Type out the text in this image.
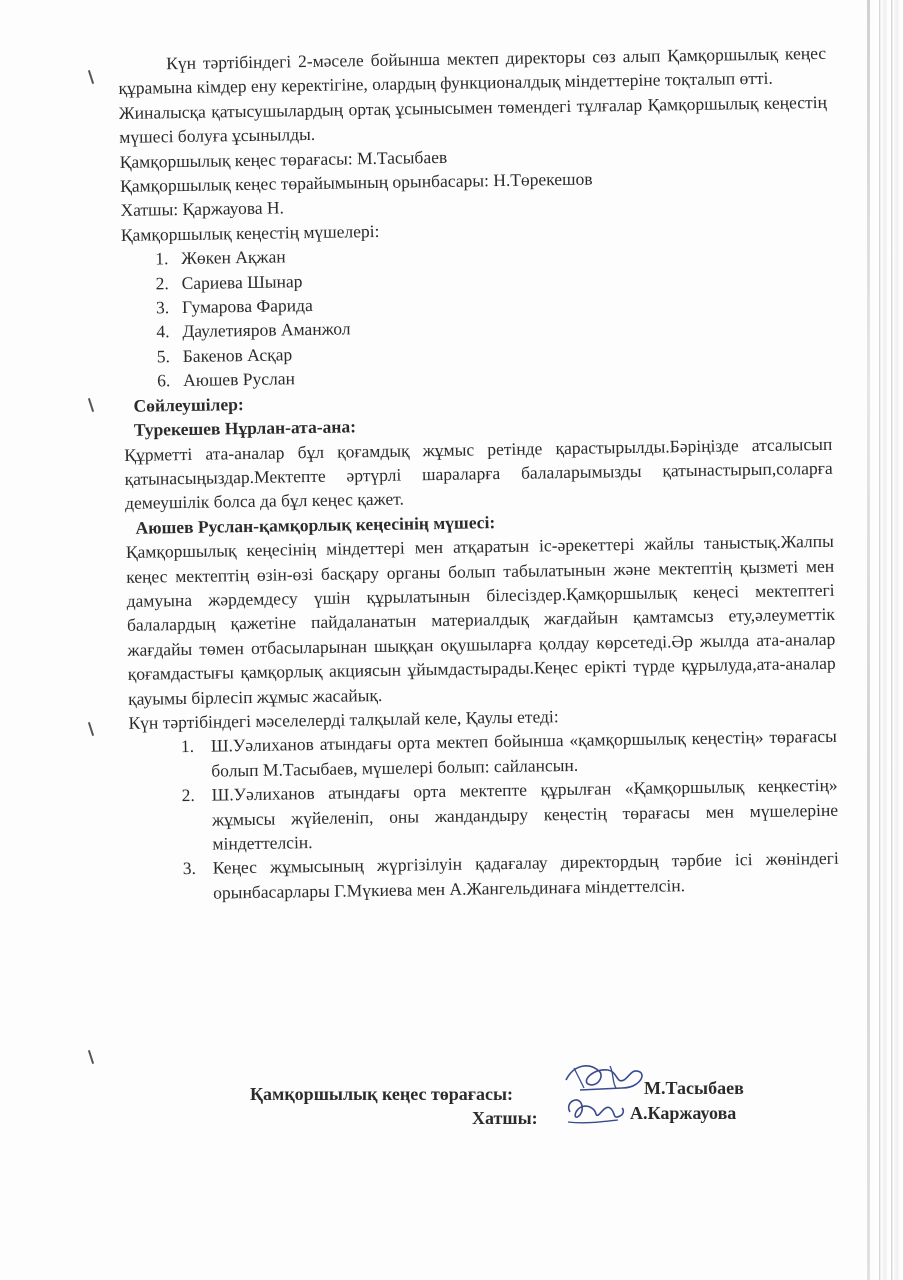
Күн тәртібіндегі 2-мәселе бойынша мектеп директоры сөз алып Қамқоршылық кеңес құрамына кімдер ену керектігіне, олардың функционалдық міндеттеріне тоқталып өтті.

Жиналысқа қатысушылардың ортақ ұсынысымен төмендегі тұлғалар Қамқоршылық кеңестің мүшесі болуға ұсынылды.

Қамқоршылық кеңес төрағасы: М.Тасыбаев

Қамқоршылық кеңес төрайымының орынбасары: Н.Төрекешов

Хатшы: Қаржауова Н.

Қамқоршылық кеңестің мүшелері:

1. Жөкен Ақжан
2. Сариева Шынар
3. Гумарова Фарида
4. Даулетияров Аманжол
5. Бакенов Асқар
6. Аюшев Руслан

Сөйлеушілер:

Турекешев Нұрлан-ата-ана:

Құрметті ата-аналар бұл қоғамдық жұмыс ретінде қарастырылды.Бәріңізде атсалысып қатынасыңыздар.Мектепте әртүрлі шараларға балаларымызды қатынастырып,соларға демеушілік болса да бұл кеңес қажет.

Аюшев Руслан-қамқорлық кеңесінің мүшесі:

Қамқоршылық кеңесінің міндеттері мен атқаратын іс-әрекеттері жайлы таныстық.Жалпы кеңес мектептің өзін-өзі басқару органы болып табылатынын және мектептің қызметі мен дамуына жәрдемдесу үшін құрылатынын білесіздер.Қамқоршылық кеңесі мектептегі балалардың қажетіне пайдаланатын материалдық жағдайын қамтамсыз ету,әлеуметтік жағдайы төмен отбасыларынан шыққан оқушыларға қолдау көрсетеді.Әр жылда ата-аналар қоғамдастығы қамқорлық акциясын ұйымдастырады.Кеңес ерікті түрде құрылуда,ата-аналар қауымы бірлесіп жұмыс жасайық.

Күн тәртібіндегі мәселелерді талқылай келе, Қаулы етеді:

1. Ш.Уәлиханов атындағы орта мектеп бойынша «қамқоршылық кеңестің» төрағасы болып М.Тасыбаев, мүшелері болып: сайлансын.
2. Ш.Уәлиханов атындағы орта мектепте құрылған «Қамқоршылық кеңкестің» жұмысы жүйеленіп, оны жандандыру кеңестің төрағасы мен мүшелеріне міндеттелсін.
3. Кеңес жұмысының жүргізілуін қадағалау директордың тәрбие ісі жөніндегі орынбасарлары Г.Мүкиева мен А.Жангельдинаға міндеттелсін.
Қамқоршылық кеңес төрағасы:	М.Тасыбаев
Хатшы:	А.Каржауова
